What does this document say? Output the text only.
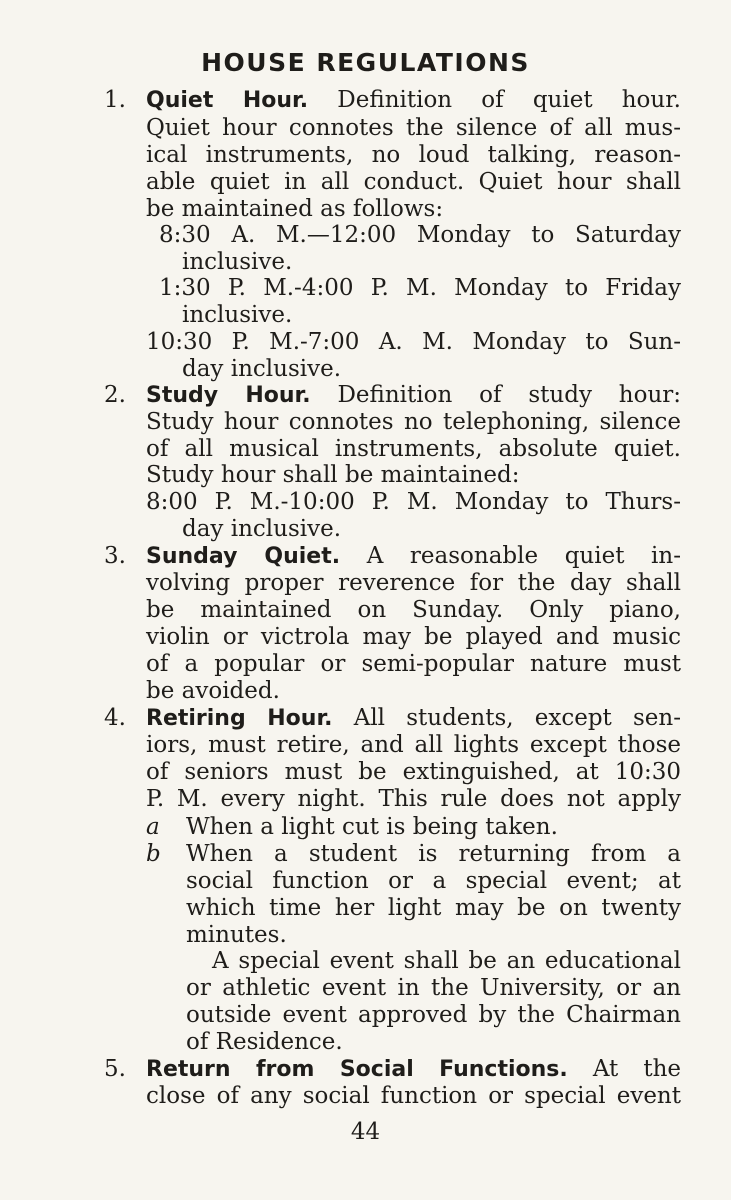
HOUSE REGULATIONS
1. Quiet Hour. Definition of quiet hour.
Quiet hour connotes the silence of all mus-
ical instruments, no loud talking, reason-
able quiet in all conduct. Quiet hour shall
be maintained as follows:
8:30 A. M.—12:00 Monday to Saturday
inclusive.
1:30 P. M.-4:00 P. M. Monday to Friday
inclusive.
10:30 P. M.-7:00 A. M. Monday to Sun-
day inclusive.
2. Study Hour. Definition of study hour:
Study hour connotes no telephoning, silence
of all musical instruments, absolute quiet.
Study hour shall be maintained:
8:00 P. M.-10:00 P. M. Monday to Thurs-
day inclusive.
3. Sunday Quiet. A reasonable quiet in-
volving proper reverence for the day shall
be maintained on Sunday. Only piano,
violin or victrola may be played and music
of a popular or semi-popular nature must
be avoided.
4. Retiring Hour. All students, except sen-
iors, must retire, and all lights except those
of seniors must be extinguished, at 10:30
P. M. every night. This rule does not apply
a When a light cut is being taken.
b When a student is returning from a
social function or a special event; at
which time her light may be on twenty
minutes.
A special event shall be an educational
or athletic event in the University, or an
outside event approved by the Chairman
of Residence.
5. Return from Social Functions. At the
close of any social function or special event
44
